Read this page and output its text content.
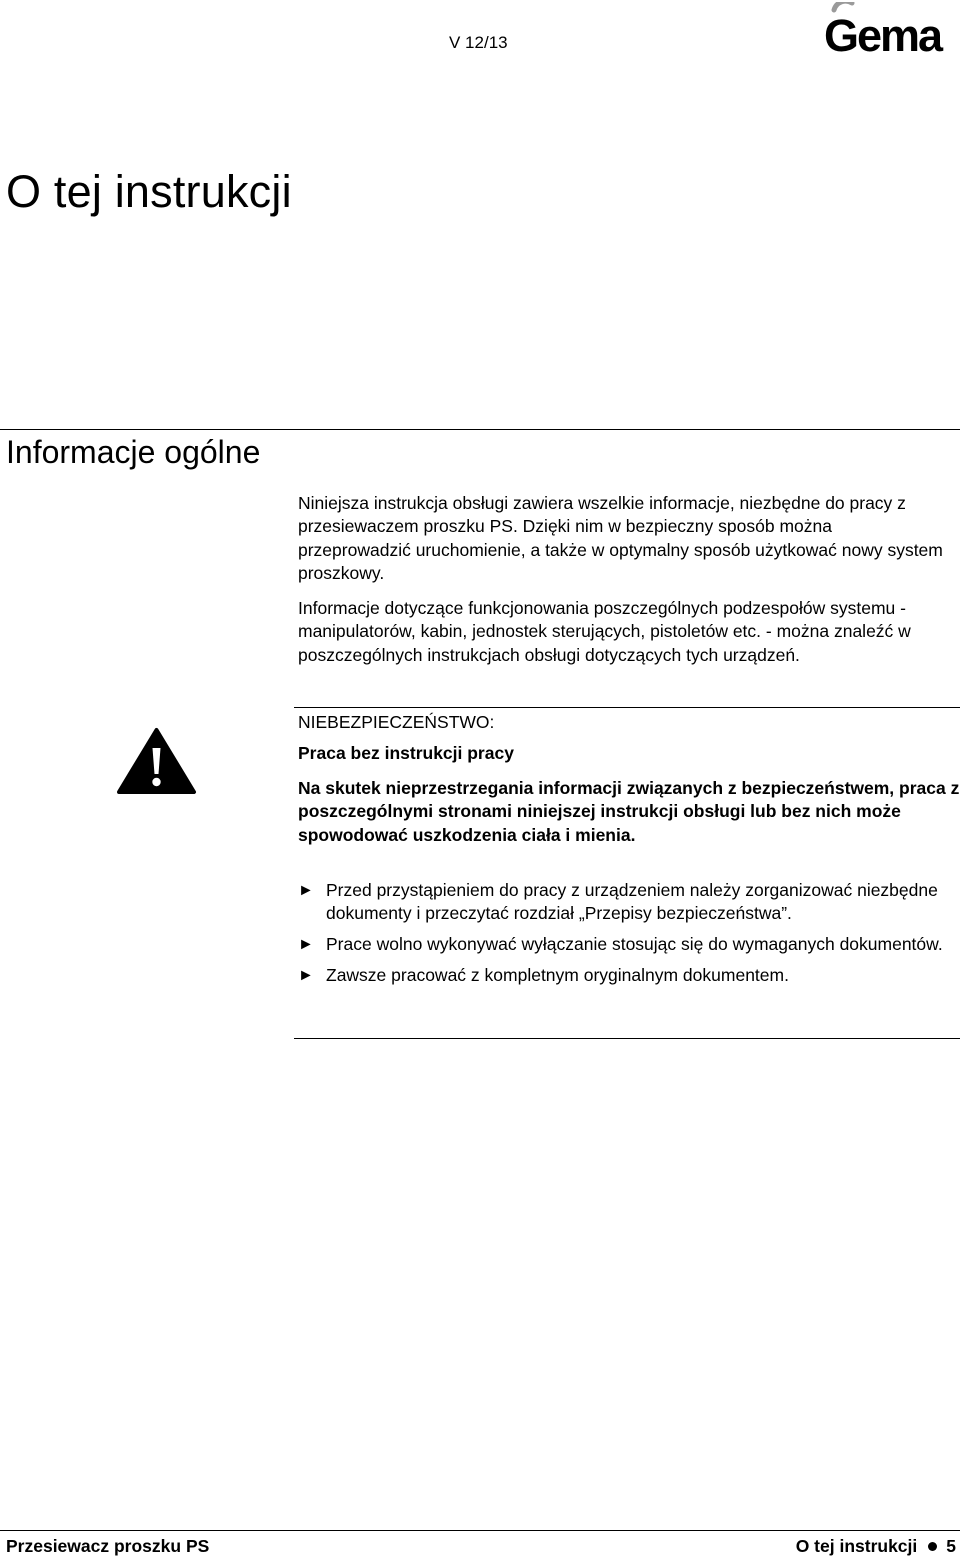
V 12/13	Gema
O tej instrukcji
Informacje ogólne

Niniejsza instrukcja obsługi zawiera wszelkie informacje, niezbędne do pracy z przesiewaczem proszku PS. Dzięki nim w bezpieczny sposób można przeprowadzić uruchomienie, a także w optymalny sposób użytkować nowy system proszkowy.

Informacje dotyczące funkcjonowania poszczególnych podzespołów systemu - manipulatorów, kabin, jednostek sterujących, pistoletów etc. - można znaleźć w poszczególnych instrukcjach obsługi dotyczących tych urządzeń.

NIEBEZPIECZEŃSTWO:
Praca bez instrukcji pracy

Na skutek nieprzestrzegania informacji związanych z bezpieczeństwem, praca z poszczególnymi stronami niniejszej instrukcji obsługi lub bez nich może spowodować uszkodzenia ciała i mienia.

► Przed przystąpieniem do pracy z urządzeniem należy zorganizować niezbędne dokumenty i przeczytać rozdział „Przepisy bezpieczeństwa”.
► Prace wolno wykonywać wyłączanie stosując się do wymaganych dokumentów.
► Zawsze pracować z kompletnym oryginalnym dokumentem.
Przesiewacz proszku PS	O tej instrukcji 5
